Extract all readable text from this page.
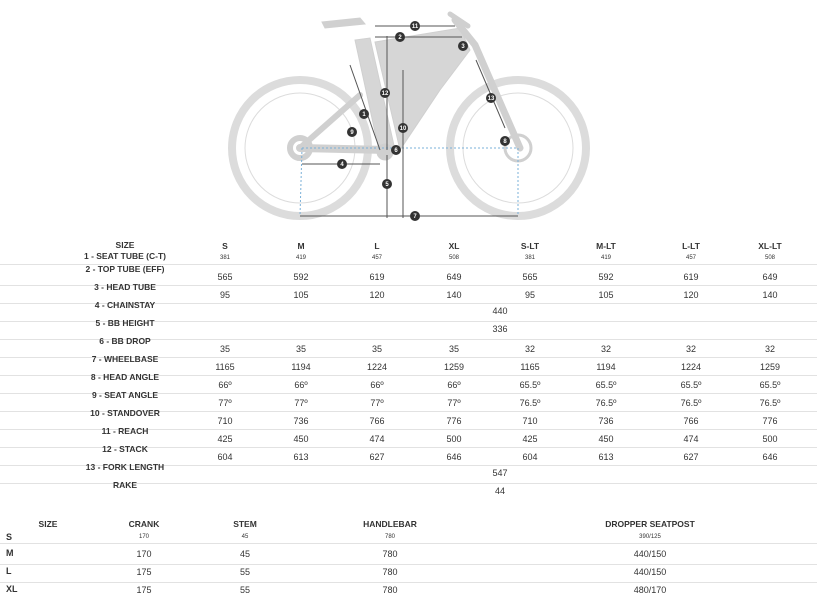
1
2
3
4
5
6
7
8
9
10
11
12
13
SIZE
1 - SEAT TUBE (C-T)
S	M	L	XL	S-LT	M-LT	L-LT	XL-LT
381	419	457	508	381	419	457	508
2 - TOP TUBE (EFF)
565	592	619	649	565	592	619	649
3 - HEAD TUBE
95	105	120	140	95	105	120	140
4 - CHAINSTAY
440
5 - BB HEIGHT
336
6 - BB DROP
35	35	35	35	32	32	32	32
7 - WHEELBASE
1165	1194	1224	1259	1165	1194	1224	1259
8 - HEAD ANGLE
66º	66º	66º	66º	65.5º	65.5º	65.5º	65.5º
9 - SEAT ANGLE
77º	77º	77º	77º	76.5º	76.5º	76.5º	76.5º
10 - STANDOVER
710	736	766	776	710	736	766	776
11 - REACH
425	450	474	500	425	450	474	500
12 - STACK
604	613	627	646	604	613	627	646
13 - FORK LENGTH
547
RAKE
44
SIZE	CRANK	STEM	HANDLEBAR	DROPPER SEATPOST
S	170	45	780	390/125
M	170	45	780	440/150
L	175	55	780	440/150
XL	175	55	780	480/170
